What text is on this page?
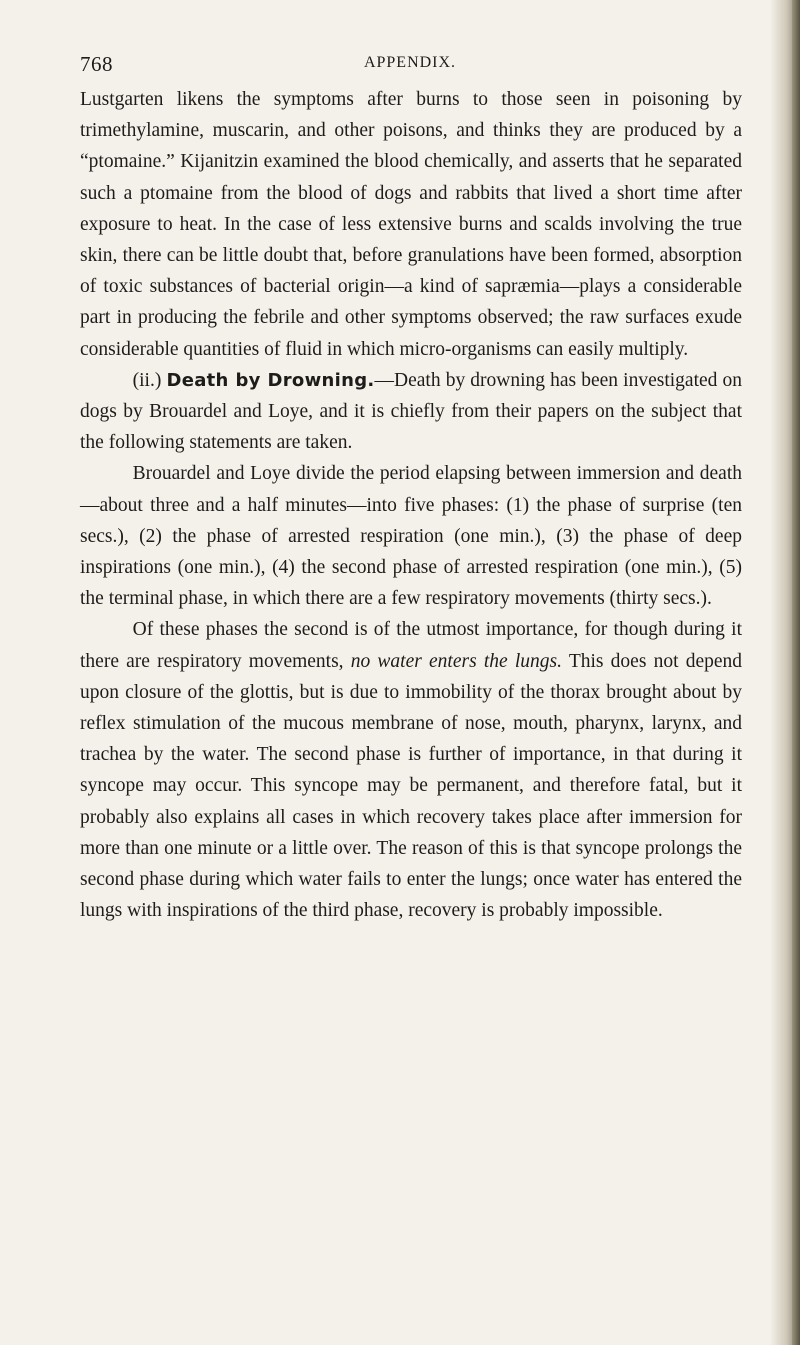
768	APPENDIX.

Lustgarten likens the symptoms after burns to those seen in poisoning by trimethylamine, muscarin, and other poisons, and thinks they are produced by a “ptomaine.” Kijanitzin examined the blood chemically, and asserts that he separated such a ptomaine from the blood of dogs and rabbits that lived a short time after exposure to heat. In the case of less extensive burns and scalds involving the true skin, there can be little doubt that, before granulations have been formed, absorption of toxic substances of bacterial origin—a kind of sapræmia—plays a considerable part in producing the febrile and other symptoms observed; the raw surfaces exude considerable quantities of fluid in which micro-organisms can easily multiply.

(ii.) Death by Drowning.—Death by drowning has been investigated on dogs by Brouardel and Loye, and it is chiefly from their papers on the subject that the following statements are taken.

Brouardel and Loye divide the period elapsing between immersion and death—about three and a half minutes—into five phases: (1) the phase of surprise (ten secs.), (2) the phase of arrested respiration (one min.), (3) the phase of deep inspirations (one min.), (4) the second phase of arrested respiration (one min.), (5) the terminal phase, in which there are a few respiratory movements (thirty secs.).

Of these phases the second is of the utmost importance, for though during it there are respiratory movements, no water enters the lungs. This does not depend upon closure of the glottis, but is due to immobility of the thorax brought about by reflex stimulation of the mucous membrane of nose, mouth, pharynx, larynx, and trachea by the water. The second phase is further of importance, in that during it syncope may occur. This syncope may be permanent, and therefore fatal, but it probably also explains all cases in which recovery takes place after immersion for more than one minute or a little over. The reason of this is that syncope prolongs the second phase during which water fails to enter the lungs; once water has entered the lungs with inspirations of the third phase, recovery is probably impossible.
